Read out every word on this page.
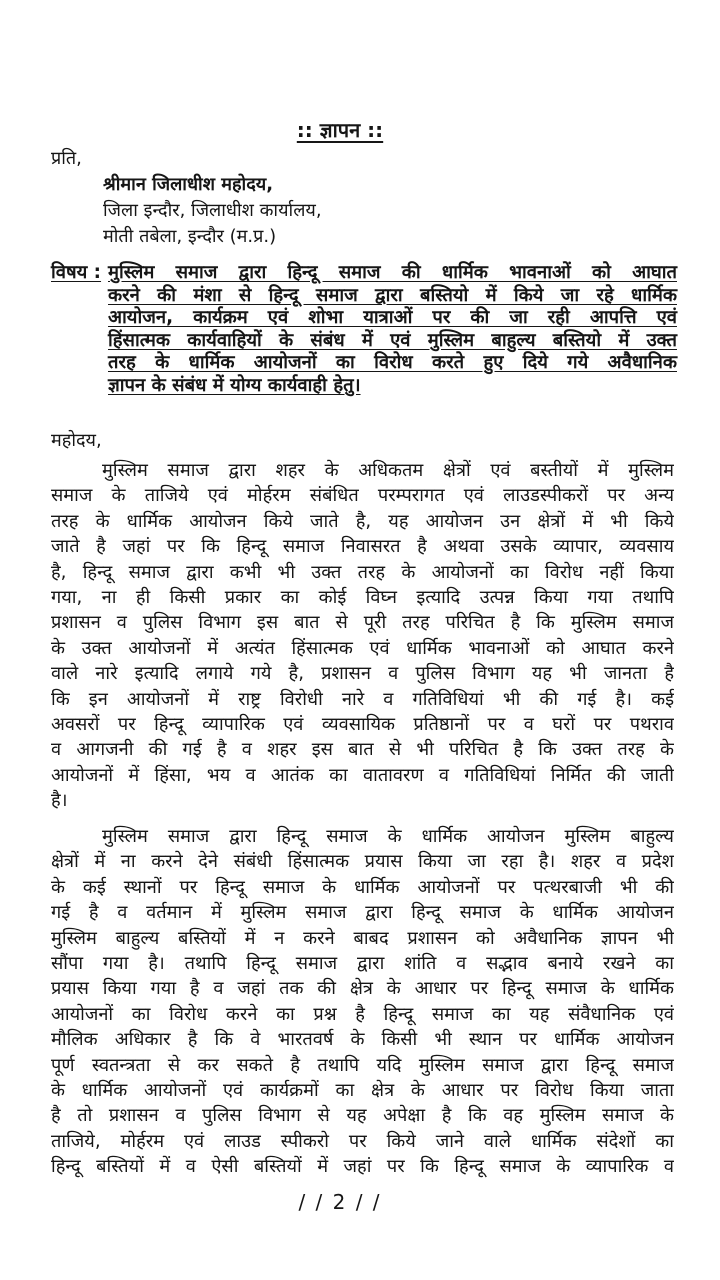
:: ज्ञापन ::
प्रति,
श्रीमान जिलाधीश महोदय,
जिला इन्दौर, जिलाधीश कार्यालय,
मोती तबेला, इन्दौर (म.प्र.)
विषय : मुस्लिम समाज द्वारा हिन्दू समाज की धार्मिक भावनाओं को आघात
करने की मंशा से हिन्दू समाज द्वारा बस्तियो में किये जा रहे धार्मिक
आयोजन, कार्यक्रम एवं शोभा यात्राओं पर की जा रही आपत्ति एवं
हिंसात्मक कार्यवाहियों के संबंध में एवं मुस्लिम बाहुल्य बस्तियो में उक्त
तरह के धार्मिक आयोजनों का विरोध करते हुए दिये गये अवैधानिक
ज्ञापन के संबंध में योग्य कार्यवाही हेतु।
महोदय,
मुस्लिम समाज द्वारा शहर के अधिकतम क्षेत्रों एवं बस्तीयों में मुस्लिम
समाज के ताजिये एवं मोर्हरम संबंधित परम्परागत एवं लाउडस्पीकरों पर अन्य
तरह के धार्मिक आयोजन किये जाते है, यह आयोजन उन क्षेत्रों में भी किये
जाते है जहां पर कि हिन्दू समाज निवासरत है अथवा उसके व्यापार, व्यवसाय
है, हिन्दू समाज द्वारा कभी भी उक्त तरह के आयोजनों का विरोध नहीं किया
गया, ना ही किसी प्रकार का कोई विघ्न इत्यादि उत्पन्न किया गया तथापि
प्रशासन व पुलिस विभाग इस बात से पूरी तरह परिचित है कि मुस्लिम समाज
के उक्त आयोजनों में अत्यंत हिंसात्मक एवं धार्मिक भावनाओं को आघात करने
वाले नारे इत्यादि लगाये गये है, प्रशासन व पुलिस विभाग यह भी जानता है
कि इन आयोजनों में राष्ट्र विरोधी नारे व गतिविधियां भी की गई है। कई
अवसरों पर हिन्दू व्यापारिक एवं व्यवसायिक प्रतिष्ठानों पर व घरों पर पथराव
व आगजनी की गई है व शहर इस बात से भी परिचित है कि उक्त तरह के
आयोजनों में हिंसा, भय व आतंक का वातावरण व गतिविधियां निर्मित की जाती
है।
मुस्लिम समाज द्वारा हिन्दू समाज के धार्मिक आयोजन मुस्लिम बाहुल्य
क्षेत्रों में ना करने देने संबंधी हिंसात्मक प्रयास किया जा रहा है। शहर व प्रदेश
के कई स्थानों पर हिन्दू समाज के धार्मिक आयोजनों पर पत्थरबाजी भी की
गई है व वर्तमान में मुस्लिम समाज द्वारा हिन्दू समाज के धार्मिक आयोजन
मुस्लिम बाहुल्य बस्तियों में न करने बाबद प्रशासन को अवैधानिक ज्ञापन भी
सौंपा गया है। तथापि हिन्दू समाज द्वारा शांति व सद्भाव बनाये रखने का
प्रयास किया गया है व जहां तक की क्षेत्र के आधार पर हिन्दू समाज के धार्मिक
आयोजनों का विरोध करने का प्रश्न है हिन्दू समाज का यह संवैधानिक एवं
मौलिक अधिकार है कि वे भारतवर्ष के किसी भी स्थान पर धार्मिक आयोजन
पूर्ण स्वतन्त्रता से कर सकते है तथापि यदि मुस्लिम समाज द्वारा हिन्दू समाज
के धार्मिक आयोजनों एवं कार्यक्रमों का क्षेत्र के आधार पर विरोध किया जाता
है तो प्रशासन व पुलिस विभाग से यह अपेक्षा है कि वह मुस्लिम समाज के
ताजिये, मोर्हरम एवं लाउड स्पीकरो पर किये जाने वाले धार्मिक संदेशों का
हिन्दू बस्तियों में व ऐसी बस्तियों में जहां पर कि हिन्दू समाज के व्यापारिक व
/ / 2 / /
